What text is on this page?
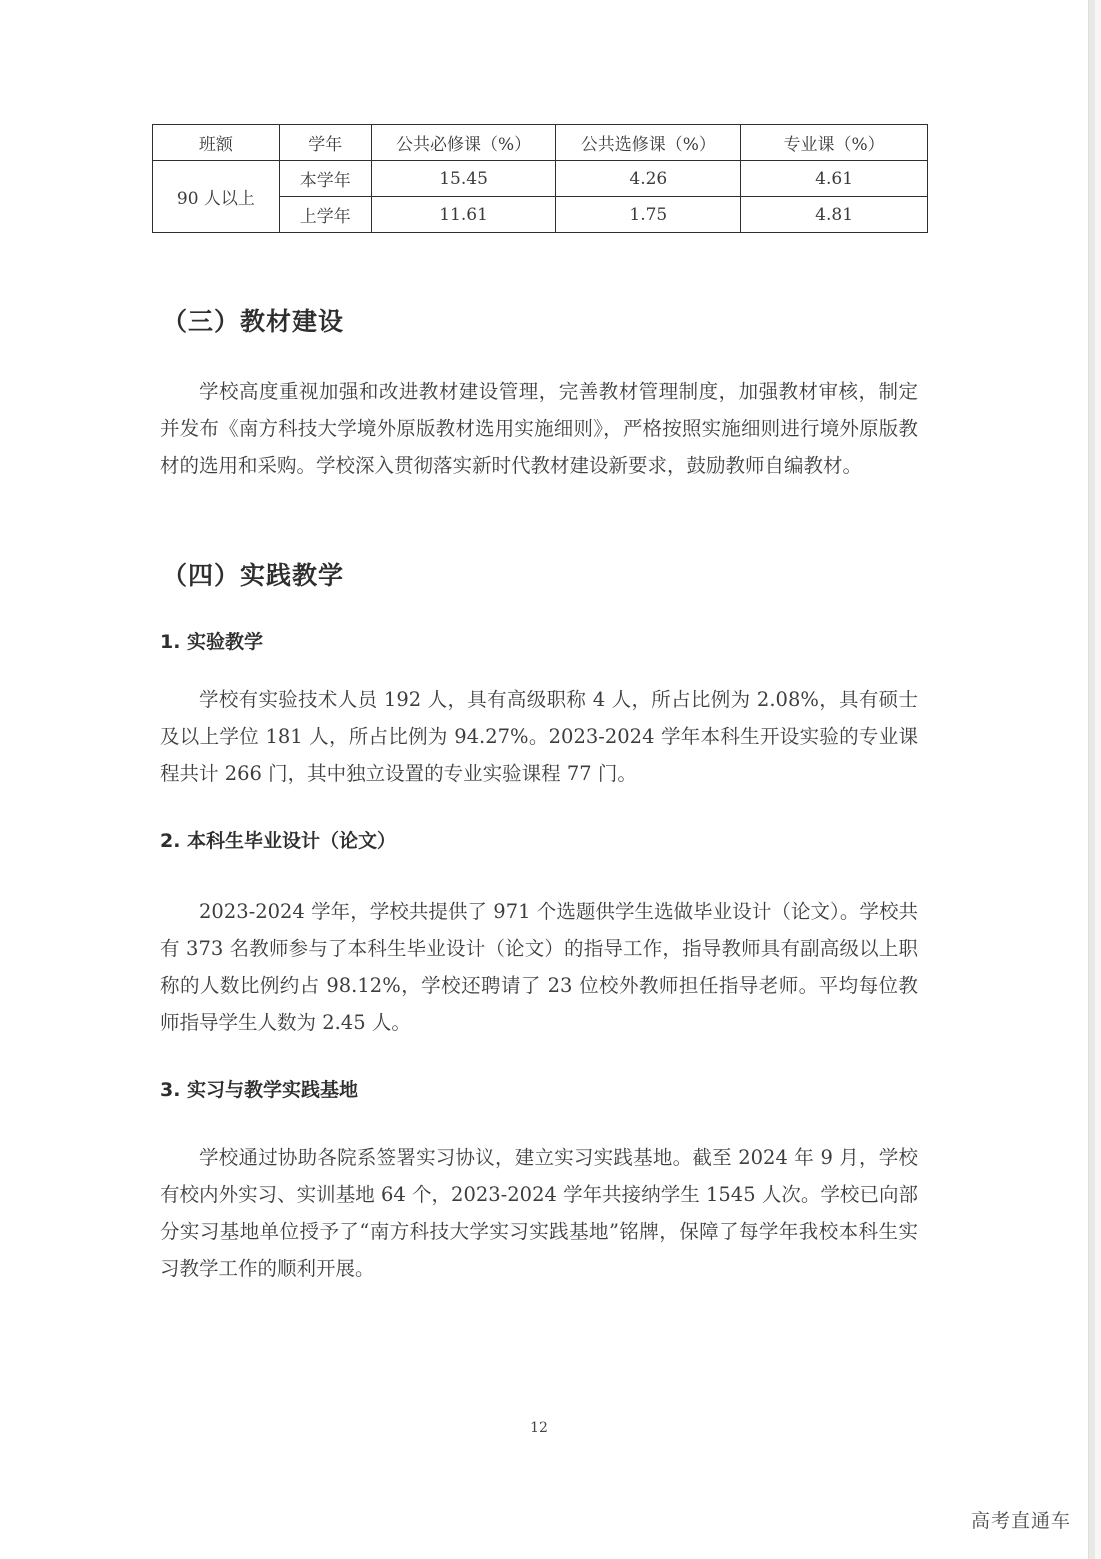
班额	学年	公共必修课（%）	公共选修课（%）	专业课（%）
90 人以上	本学年	15.45	4.26	4.61
	上学年	11.61	1.75	4.81
（三）教材建设

学校高度重视加强和改进教材建设管理，完善教材管理制度，加强教材审核，制定并发布《南方科技大学境外原版教材选用实施细则》，严格按照实施细则进行境外原版教材的选用和采购。学校深入贯彻落实新时代教材建设新要求，鼓励教师自编教材。

（四）实践教学
1. 实验教学

学校有实验技术人员 192 人，具有高级职称 4 人，所占比例为 2.08%，具有硕士及以上学位 181 人，所占比例为 94.27%。2023-2024 学年本科生开设实验的专业课程共计 266 门，其中独立设置的专业实验课程 77 门。

2. 本科生毕业设计（论文）

2023-2024 学年，学校共提供了 971 个选题供学生选做毕业设计（论文）。学校共有 373 名教师参与了本科生毕业设计（论文）的指导工作，指导教师具有副高级以上职称的人数比例约占 98.12%，学校还聘请了 23 位校外教师担任指导老师。平均每位教师指导学生人数为 2.45 人。

3. 实习与教学实践基地

学校通过协助各院系签署实习协议，建立实习实践基地。截至 2024 年 9 月，学校有校内外实习、实训基地 64 个，2023-2024 学年共接纳学生 1545 人次。学校已向部分实习基地单位授予了“南方科技大学实习实践基地”铭牌，保障了每学年我校本科生实习教学工作的顺利开展。

12
高考直通车
